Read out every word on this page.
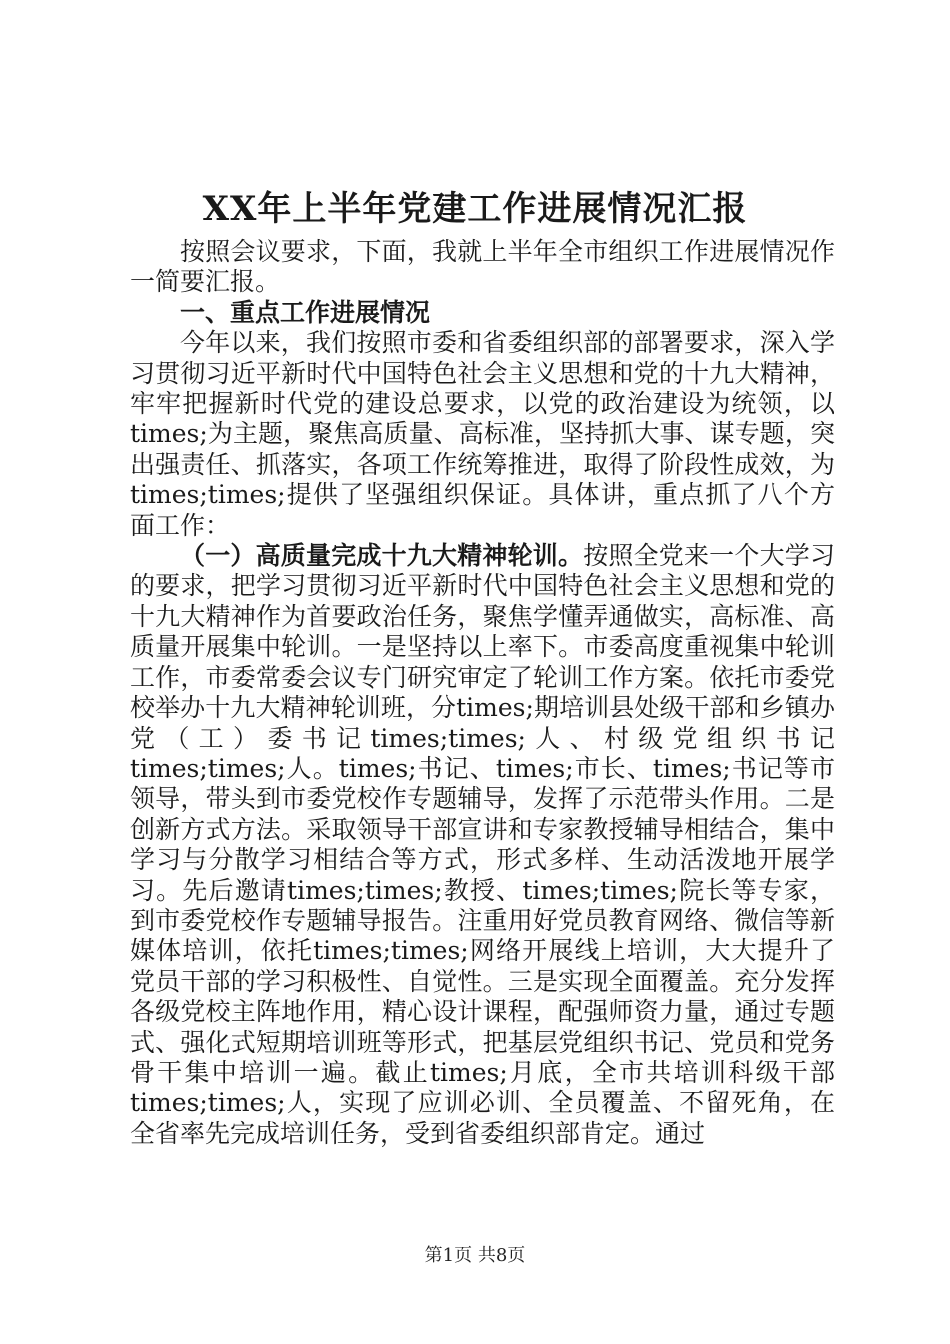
XX年上半年党建工作进展情况汇报

按照会议要求，下面，我就上半年全市组织工作进展情况作一简要汇报。

一、重点工作进展情况

今年以来，我们按照市委和省委组织部的部署要求，深入学习贯彻习近平新时代中国特色社会主义思想和党的十九大精神，牢牢把握新时代党的建设总要求，以党的政治建设为统领，以times;为主题，聚焦高质量、高标准，坚持抓大事、谋专题，突出强责任、抓落实，各项工作统筹推进，取得了阶段性成效，为times;times;提供了坚强组织保证。具体讲，重点抓了八个方面工作：

（一）高质量完成十九大精神轮训。按照全党来一个大学习的要求，把学习贯彻习近平新时代中国特色社会主义思想和党的十九大精神作为首要政治任务，聚焦学懂弄通做实，高标准、高质量开展集中轮训。一是坚持以上率下。市委高度重视集中轮训工作，市委常委会议专门研究审定了轮训工作方案。依托市委党校举办十九大精神轮训班，分times;期培训县处级干部和乡镇办党（工）委书记times;times;人、村级党组织书记times;times;人。times;书记、times;市长、times;书记等市领导，带头到市委党校作专题辅导，发挥了示范带头作用。二是创新方式方法。采取领导干部宣讲和专家教授辅导相结合，集中学习与分散学习相结合等方式，形式多样、生动活泼地开展学习。先后邀请times;times;教授、times;times;院长等专家，到市委党校作专题辅导报告。注重用好党员教育网络、微信等新媒体培训，依托times;times;网络开展线上培训，大大提升了党员干部的学习积极性、自觉性。三是实现全面覆盖。充分发挥各级党校主阵地作用，精心设计课程，配强师资力量，通过专题式、强化式短期培训班等形式，把基层党组织书记、党员和党务骨干集中培训一遍。截止times;月底，全市共培训科级干部times;times;人，实现了应训必训、全员覆盖、不留死角，在全省率先完成培训任务，受到省委组织部肯定。通过

第1页 共8页
